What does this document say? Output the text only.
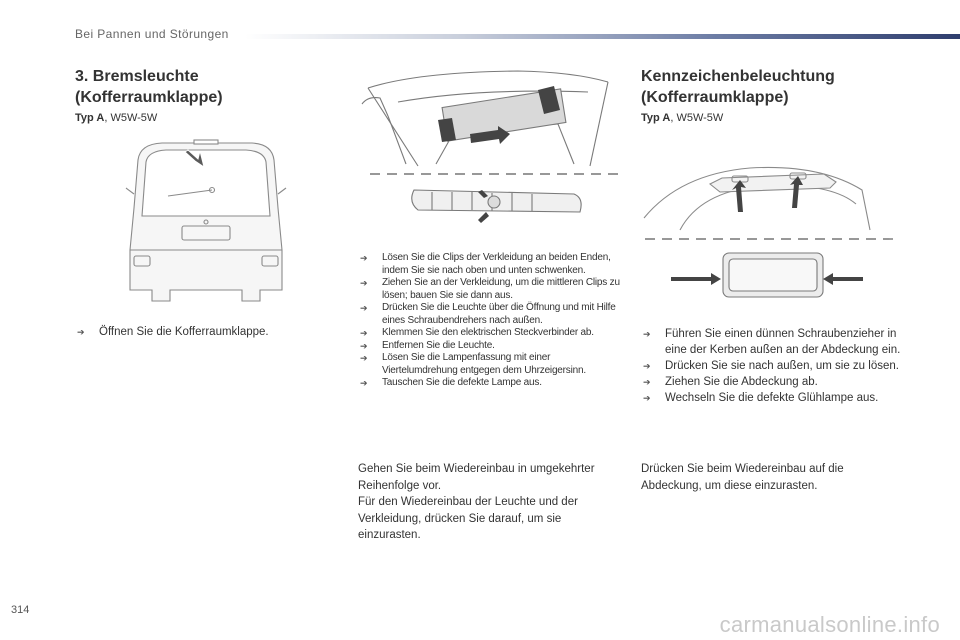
Bei Pannen und Störungen
3. Bremsleuchte
(Kofferraumklappe)
Typ A, W5W-5W
➔ Öffnen Sie die Kofferraumklappe.
➔ Lösen Sie die Clips der Verkleidung an beiden Enden, indem Sie sie nach oben und unten schwenken.
➔ Ziehen Sie an der Verkleidung, um die mittleren Clips zu lösen; bauen Sie sie dann aus.
➔ Drücken Sie die Leuchte über die Öffnung und mit Hilfe eines Schraubendrehers nach außen.
➔ Klemmen Sie den elektrischen Steckverbinder ab.
➔ Entfernen Sie die Leuchte.
➔ Lösen Sie die Lampenfassung mit einer Viertelumdrehung entgegen dem Uhrzeigersinn.
➔ Tauschen Sie die defekte Lampe aus.

Gehen Sie beim Wiedereinbau in umgekehrter Reihenfolge vor.

Für den Wiedereinbau der Leuchte und der Verkleidung, drücken Sie darauf, um sie einzurasten.

Kennzeichenbeleuchtung
(Kofferraumklappe)
Typ A, W5W-5W
➔ Führen Sie einen dünnen Schraubenzieher in eine der Kerben außen an der Abdeckung ein.
➔ Drücken Sie sie nach außen, um sie zu lösen.
➔ Ziehen Sie die Abdeckung ab.
➔ Wechseln Sie die defekte Glühlampe aus.

Drücken Sie beim Wiedereinbau auf die Abdeckung, um diese einzurasten.

314
carmanualsonline.info
